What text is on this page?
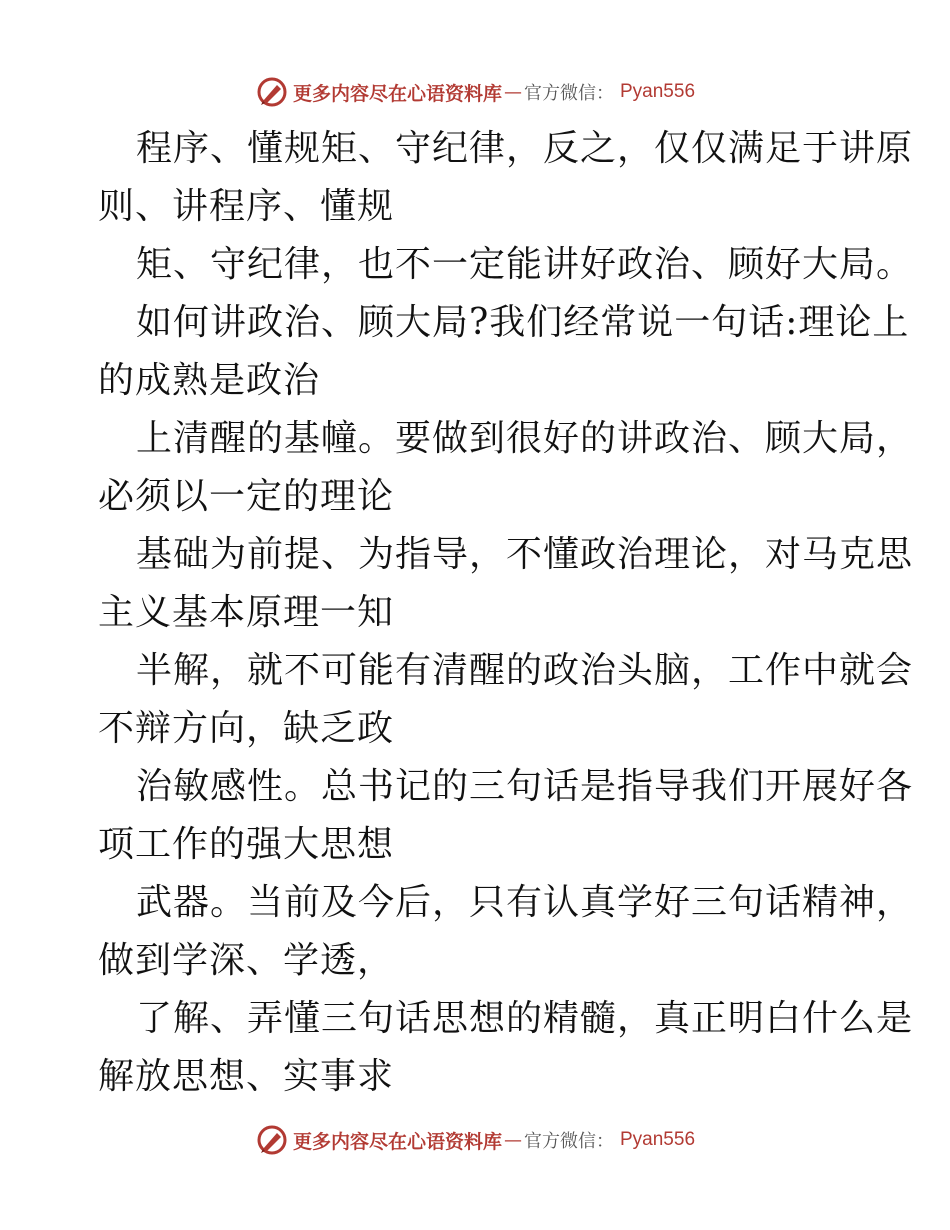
更多内容尽在心语资料库 — 官方微信： Pyan556
程序、懂规矩、守纪律，反之，仅仅满足于讲原
则、讲程序、懂规
矩、守纪律，也不一定能讲好政治、顾好大局。
如何讲政治、顾大局?我们经常说一句话:理论上
的成熟是政治
上清醒的基幢。要做到很好的讲政治、顾大局，
必须以一定的理论
基础为前提、为指导，不懂政治理论，对马克思
主义基本原理一知
半解，就不可能有清醒的政治头脑，工作中就会
不辩方向，缺乏政
治敏感性。总书记的三句话是指导我们开展好各
项工作的强大思想
武器。当前及今后，只有认真学好三句话精神，
做到学深、学透，
了解、弄懂三句话思想的精髓，真正明白什么是
解放思想、实事求
更多内容尽在心语资料库 — 官方微信： Pyan556
